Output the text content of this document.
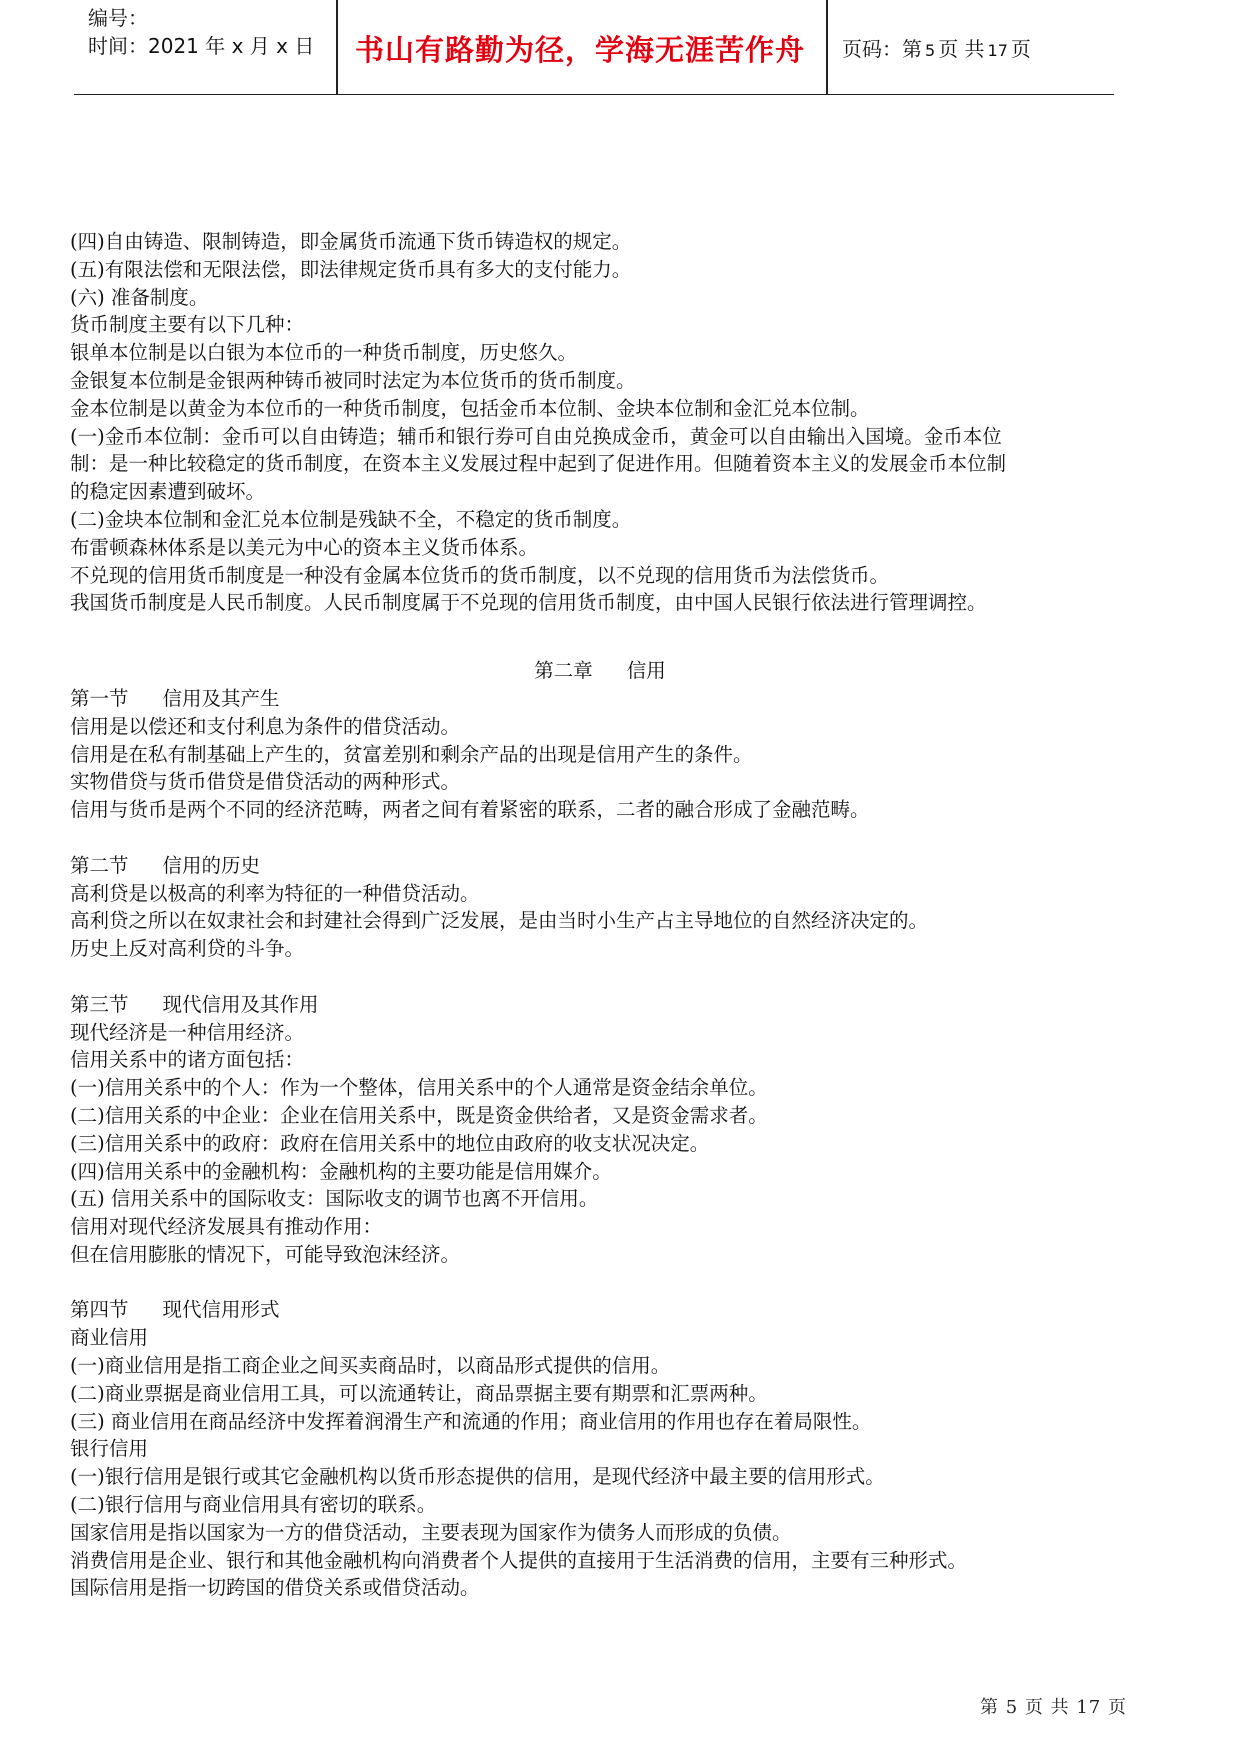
编号：
时间：2021 年 x 月 x 日	书山有路勤为径，学海无涯苦作舟	页码：第 5 页 共 17 页
(四)自由铸造、限制铸造，即金属货币流通下货币铸造权的规定。
(五)有限法偿和无限法偿，即法律规定货币具有多大的支付能力。
(六) 准备制度。
货币制度主要有以下几种：
银单本位制是以白银为本位币的一种货币制度，历史悠久。
金银复本位制是金银两种铸币被同时法定为本位货币的货币制度。
金本位制是以黄金为本位币的一种货币制度，包括金币本位制、金块本位制和金汇兑本位制。
(一)金币本位制：金币可以自由铸造；辅币和银行券可自由兑换成金币，黄金可以自由输出入国境。金币本位
制：是一种比较稳定的货币制度，在资本主义发展过程中起到了促进作用。但随着资本主义的发展金币本位制
的稳定因素遭到破坏。
(二)金块本位制和金汇兑本位制是残缺不全，不稳定的货币制度。
布雷顿森林体系是以美元为中心的资本主义货币体系。
不兑现的信用货币制度是一种没有金属本位货币的货币制度，以不兑现的信用货币为法偿货币。
我国货币制度是人民币制度。人民币制度属于不兑现的信用货币制度，由中国人民银行依法进行管理调控。
第二章 信用
第一节 信用及其产生
信用是以偿还和支付利息为条件的借贷活动。
信用是在私有制基础上产生的，贫富差别和剩余产品的出现是信用产生的条件。
实物借贷与货币借贷是借贷活动的两种形式。
信用与货币是两个不同的经济范畴，两者之间有着紧密的联系，二者的融合形成了金融范畴。
第二节 信用的历史
高利贷是以极高的利率为特征的一种借贷活动。
高利贷之所以在奴隶社会和封建社会得到广泛发展，是由当时小生产占主导地位的自然经济决定的。
历史上反对高利贷的斗争。
第三节 现代信用及其作用
现代经济是一种信用经济。
信用关系中的诸方面包括：
(一)信用关系中的个人：作为一个整体，信用关系中的个人通常是资金结余单位。
(二)信用关系的中企业：企业在信用关系中，既是资金供给者，又是资金需求者。
(三)信用关系中的政府：政府在信用关系中的地位由政府的收支状况决定。
(四)信用关系中的金融机构：金融机构的主要功能是信用媒介。
(五) 信用关系中的国际收支：国际收支的调节也离不开信用。
信用对现代经济发展具有推动作用：
但在信用膨胀的情况下，可能导致泡沫经济。
第四节 现代信用形式
商业信用
(一)商业信用是指工商企业之间买卖商品时，以商品形式提供的信用。
(二)商业票据是商业信用工具，可以流通转让，商品票据主要有期票和汇票两种。
(三) 商业信用在商品经济中发挥着润滑生产和流通的作用；商业信用的作用也存在着局限性。
银行信用
(一)银行信用是银行或其它金融机构以货币形态提供的信用，是现代经济中最主要的信用形式。
(二)银行信用与商业信用具有密切的联系。
国家信用是指以国家为一方的借贷活动，主要表现为国家作为债务人而形成的负债。
消费信用是企业、银行和其他金融机构向消费者个人提供的直接用于生活消费的信用，主要有三种形式。
国际信用是指一切跨国的借贷关系或借贷活动。
第 5 页 共 17 页
